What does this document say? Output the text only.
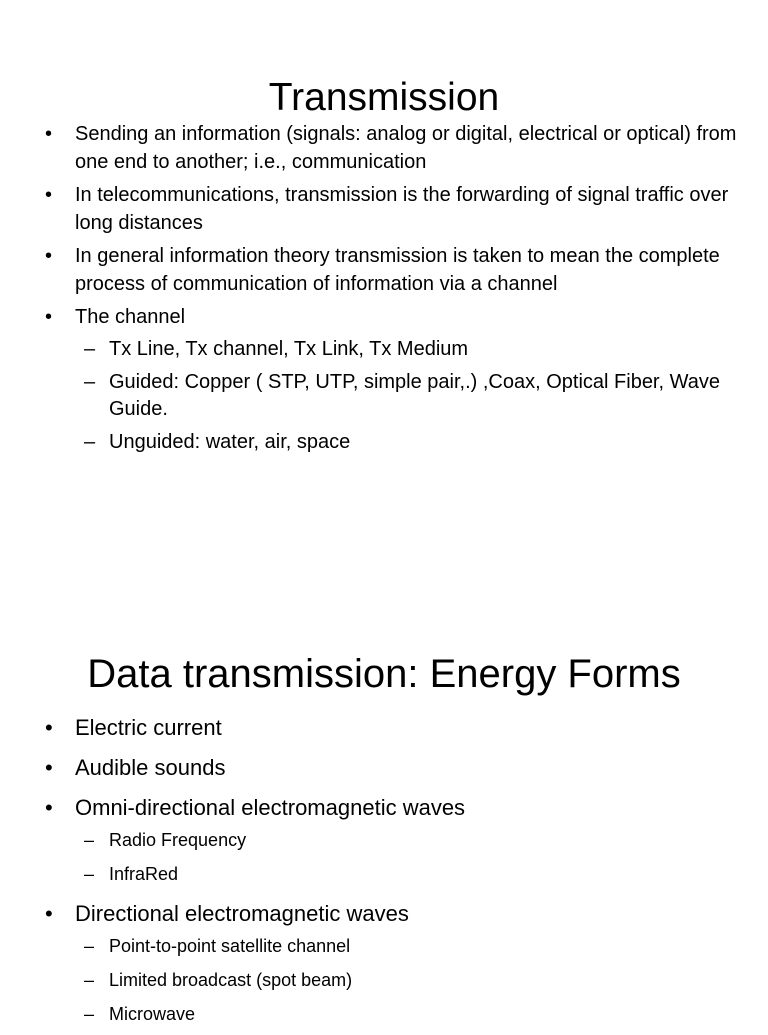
Transmission
• Sending an information (signals: analog or digital, electrical or optical) from one end to another; i.e., communication
• In telecommunications, transmission is the forwarding of signal traffic over long distances
• In general information theory transmission is taken to mean the complete process of communication of information via a channel
• The channel
– Tx Line, Tx channel, Tx Link, Tx Medium
– Guided: Copper ( STP, UTP, simple pair,.) ,Coax, Optical Fiber, Wave Guide.
– Unguided: water, air, space
Data transmission: Energy Forms
• Electric current
• Audible sounds
• Omni-directional electromagnetic waves
– Radio Frequency
– InfraRed
• Directional electromagnetic waves
– Point-to-point satellite channel
– Limited broadcast (spot beam)
– Microwave
